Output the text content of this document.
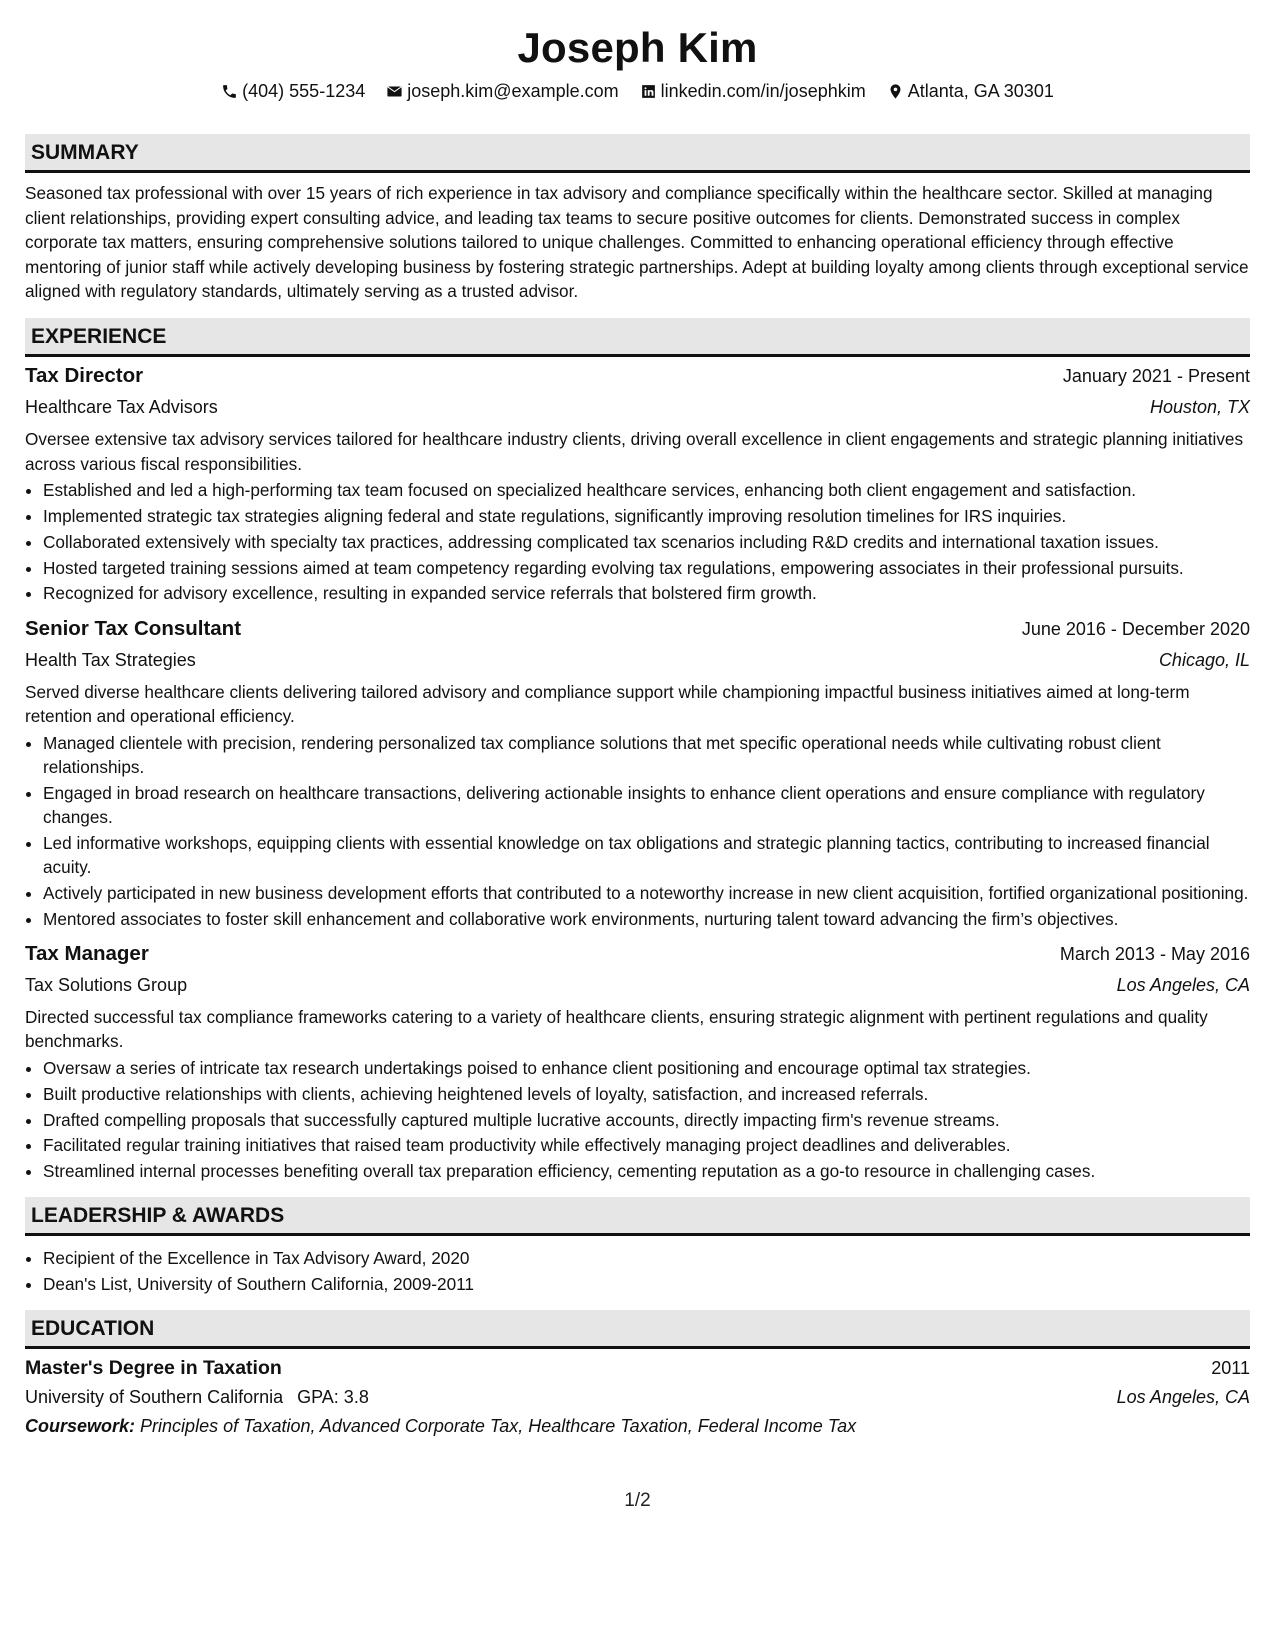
Joseph Kim
(404) 555-1234
joseph.kim@example.com
linkedin.com/in/josephkim
Atlanta, GA 30301
SUMMARY

Seasoned tax professional with over 15 years of rich experience in tax advisory and compliance specifically within the healthcare sector. Skilled at managing client relationships, providing expert consulting advice, and leading tax teams to secure positive outcomes for clients. Demonstrated success in complex corporate tax matters, ensuring comprehensive solutions tailored to unique challenges. Committed to enhancing operational efficiency through effective mentoring of junior staff while actively developing business by fostering strategic partnerships. Adept at building loyalty among clients through exceptional service aligned with regulatory standards, ultimately serving as a trusted advisor.

EXPERIENCE
Tax Director	January 2021 - Present
Healthcare Tax Advisors	Houston, TX

Oversee extensive tax advisory services tailored for healthcare industry clients, driving overall excellence in client engagements and strategic planning initiatives across various fiscal responsibilities.

• Established and led a high-performing tax team focused on specialized healthcare services, enhancing both client engagement and satisfaction.
• Implemented strategic tax strategies aligning federal and state regulations, significantly improving resolution timelines for IRS inquiries.
• Collaborated extensively with specialty tax practices, addressing complicated tax scenarios including R&D credits and international taxation issues.
• Hosted targeted training sessions aimed at team competency regarding evolving tax regulations, empowering associates in their professional pursuits.
• Recognized for advisory excellence, resulting in expanded service referrals that bolstered firm growth.
Senior Tax Consultant	June 2016 - December 2020
Health Tax Strategies	Chicago, IL

Served diverse healthcare clients delivering tailored advisory and compliance support while championing impactful business initiatives aimed at long-term retention and operational efficiency.

• Managed clientele with precision, rendering personalized tax compliance solutions that met specific operational needs while cultivating robust client relationships.
• Engaged in broad research on healthcare transactions, delivering actionable insights to enhance client operations and ensure compliance with regulatory changes.
• Led informative workshops, equipping clients with essential knowledge on tax obligations and strategic planning tactics, contributing to increased financial acuity.
• Actively participated in new business development efforts that contributed to a noteworthy increase in new client acquisition, fortified organizational positioning.
• Mentored associates to foster skill enhancement and collaborative work environments, nurturing talent toward advancing the firm’s objectives.
Tax Manager	March 2013 - May 2016
Tax Solutions Group	Los Angeles, CA

Directed successful tax compliance frameworks catering to a variety of healthcare clients, ensuring strategic alignment with pertinent regulations and quality benchmarks.

• Oversaw a series of intricate tax research undertakings poised to enhance client positioning and encourage optimal tax strategies.
• Built productive relationships with clients, achieving heightened levels of loyalty, satisfaction, and increased referrals.
• Drafted compelling proposals that successfully captured multiple lucrative accounts, directly impacting firm's revenue streams.
• Facilitated regular training initiatives that raised team productivity while effectively managing project deadlines and deliverables.
• Streamlined internal processes benefiting overall tax preparation efficiency, cementing reputation as a go-to resource in challenging cases.
LEADERSHIP & AWARDS
• Recipient of the Excellence in Tax Advisory Award, 2020
• Dean's List, University of Southern California, 2009-2011
EDUCATION
Master's Degree in Taxation	2011
University of Southern California GPA: 3.8	Los Angeles, CA
Coursework: Principles of Taxation, Advanced Corporate Tax, Healthcare Taxation, Federal Income Tax
1/2
